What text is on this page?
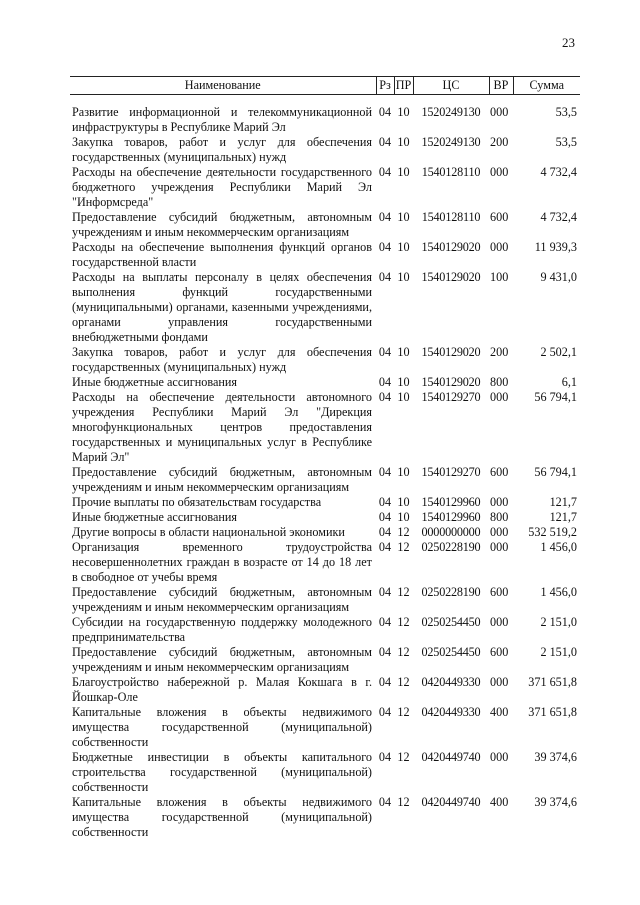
23
Наименование	Рз	ПР	ЦС	ВР	Сумма
Развитие информационной и телекоммуникационной инфраструктуры в Республике Марий Эл	04	10	1520249130	000	53,5
Закупка товаров, работ и услуг для обеспечения государственных (муниципальных) нужд	04	10	1520249130	200	53,5
Расходы на обеспечение деятельности государственного бюджетного учреждения Республики Марий Эл "Информсреда"	04	10	1540128110	000	4 732,4
Предоставление субсидий бюджетным, автономным учреждениям и иным некоммерческим организациям	04	10	1540128110	600	4 732,4
Расходы на обеспечение выполнения функций органов государственной власти	04	10	1540129020	000	11 939,3
Расходы на выплаты персоналу в целях обеспечения выполнения функций государственными (муниципальными) органами, казенными учреждениями, органами управления государственными внебюджетными фондами	04	10	1540129020	100	9 431,0
Закупка товаров, работ и услуг для обеспечения государственных (муниципальных) нужд	04	10	1540129020	200	2 502,1
Иные бюджетные ассигнования	04	10	1540129020	800	6,1
Расходы на обеспечение деятельности автономного учреждения Республики Марий Эл "Дирекция многофункциональных центров предоставления государственных и муниципальных услуг в Республике Марий Эл"	04	10	1540129270	000	56 794,1
Предоставление субсидий бюджетным, автономным учреждениям и иным некоммерческим организациям	04	10	1540129270	600	56 794,1
Прочие выплаты по обязательствам государства	04	10	1540129960	000	121,7
Иные бюджетные ассигнования	04	10	1540129960	800	121,7
Другие вопросы в области национальной экономики	04	12	0000000000	000	532 519,2
Организация временного трудоустройства несовершеннолетних граждан в возрасте от 14 до 18 лет в свободное от учебы время	04	12	0250228190	000	1 456,0
Предоставление субсидий бюджетным, автономным учреждениям и иным некоммерческим организациям	04	12	0250228190	600	1 456,0
Субсидии на государственную поддержку молодежного предпринимательства	04	12	0250254450	000	2 151,0
Предоставление субсидий бюджетным, автономным учреждениям и иным некоммерческим организациям	04	12	0250254450	600	2 151,0
Благоустройство набережной р. Малая Кокшага в г. Йошкар-Оле	04	12	0420449330	000	371 651,8
Капитальные вложения в объекты недвижимого имущества государственной (муниципальной) собственности	04	12	0420449330	400	371 651,8
Бюджетные инвестиции в объекты капитального строительства государственной (муниципальной) собственности	04	12	0420449740	000	39 374,6
Капитальные вложения в объекты недвижимого имущества государственной (муниципальной) собственности	04	12	0420449740	400	39 374,6
